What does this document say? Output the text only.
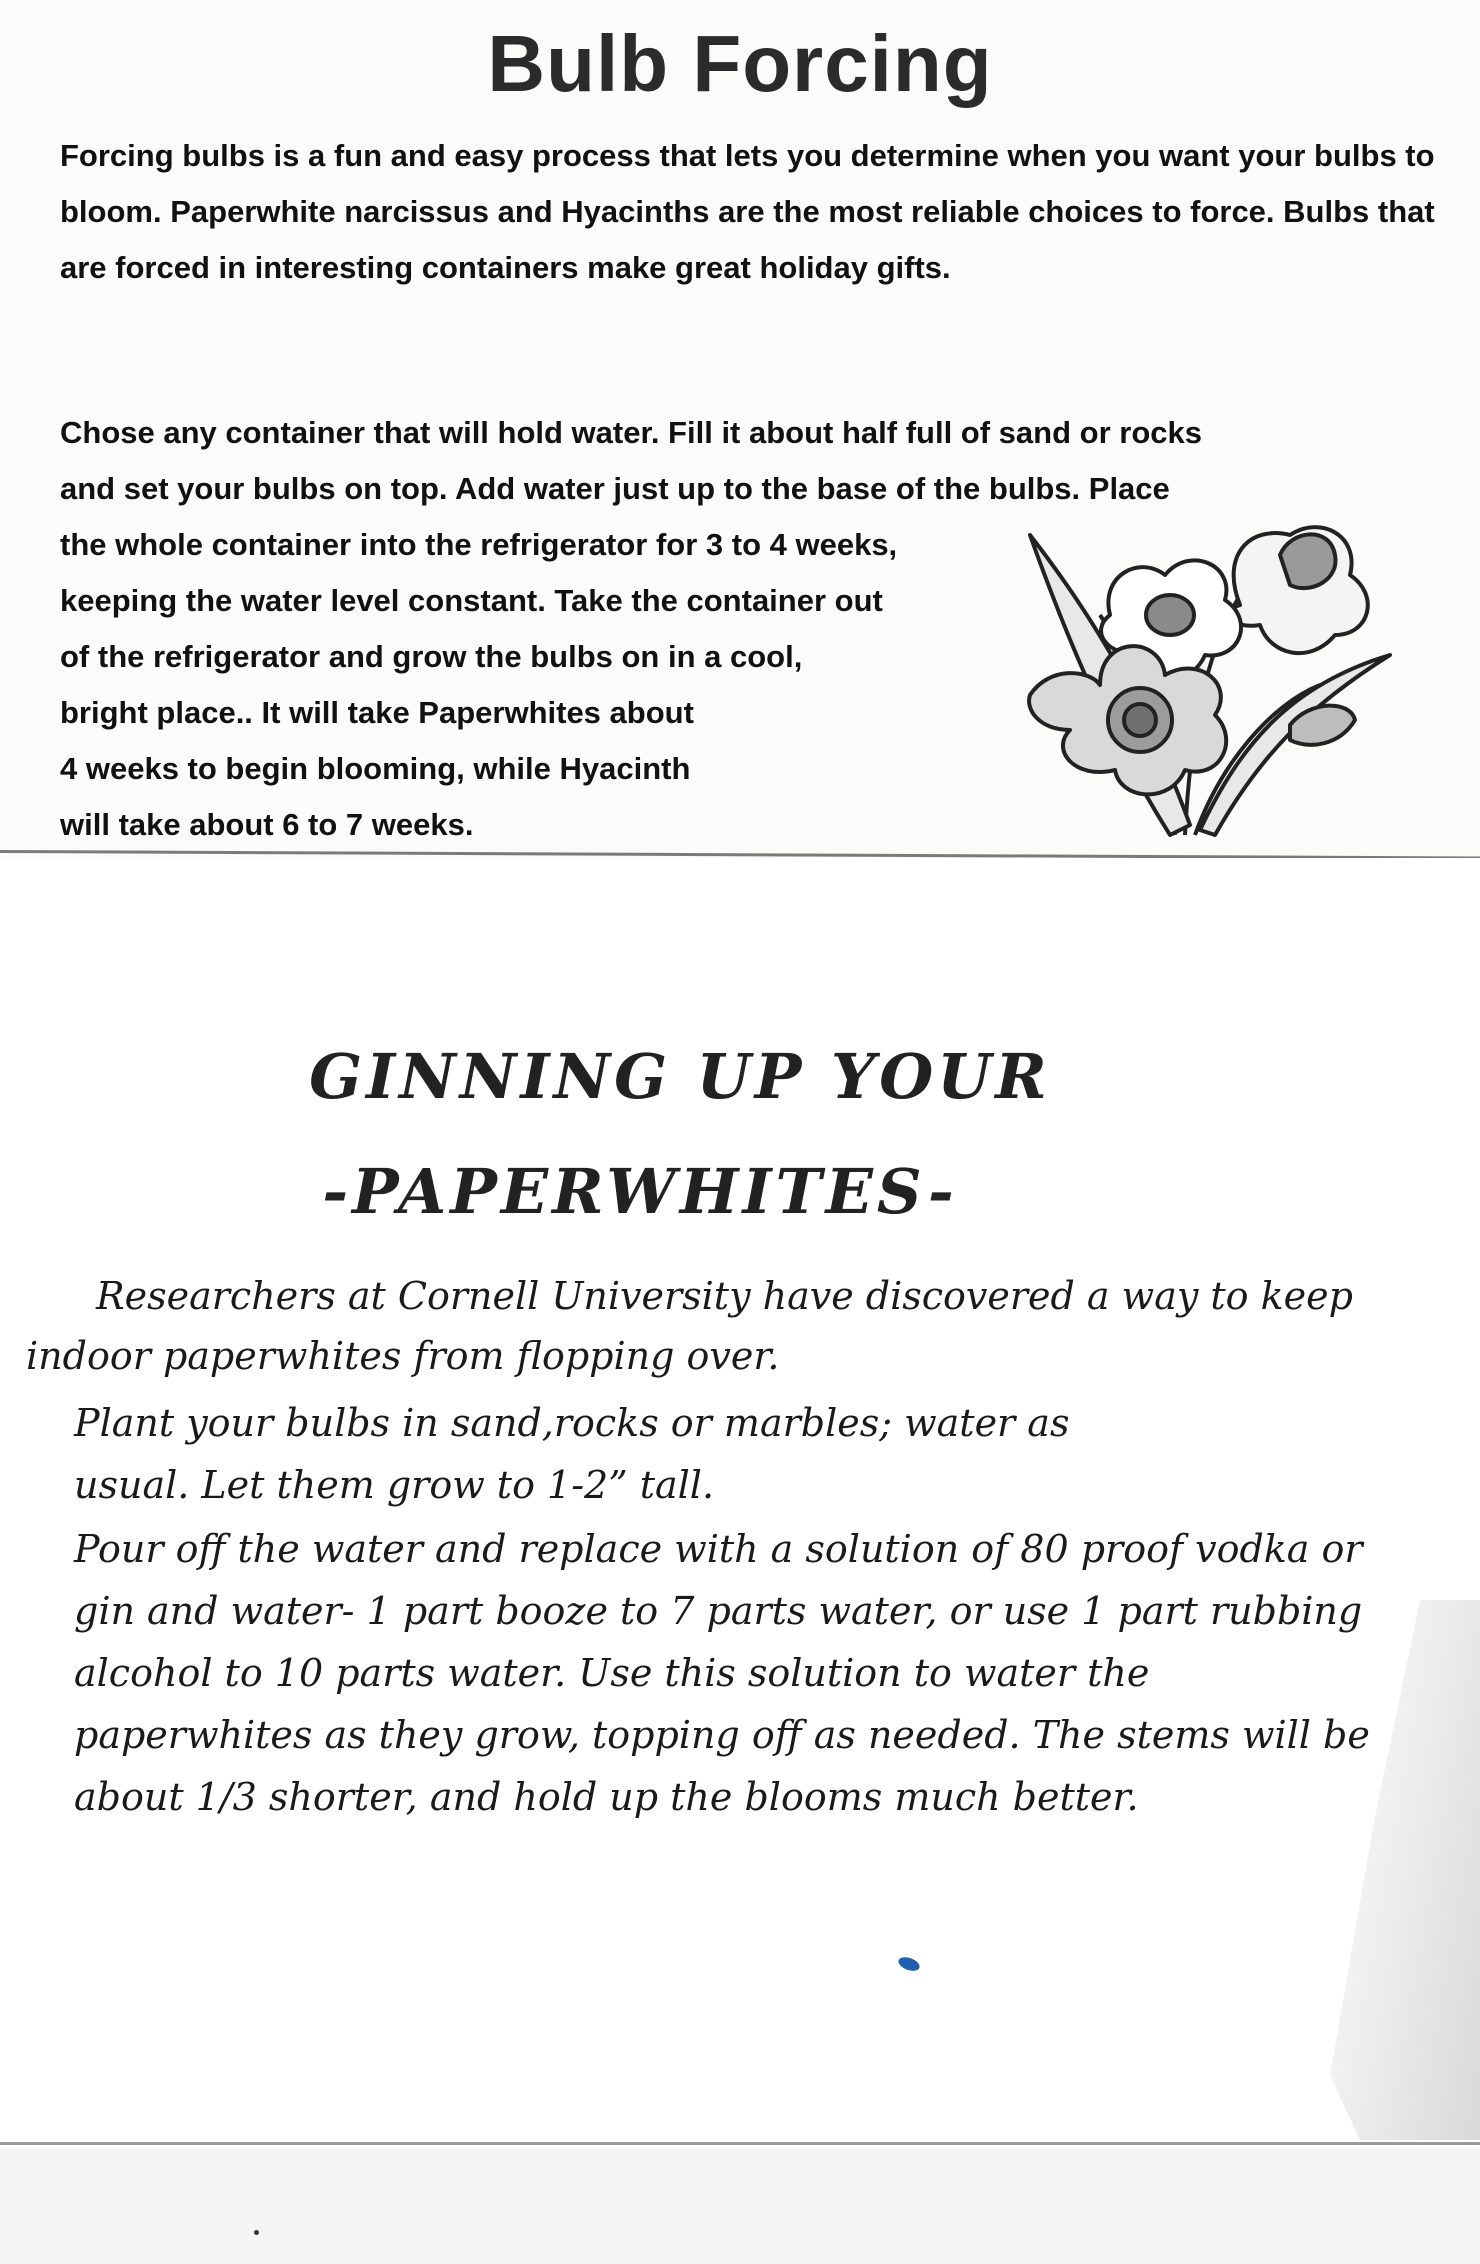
Bulb Forcing

Forcing bulbs is a fun and easy process that lets you determine when you want your bulbs to bloom. Paperwhite narcissus and Hyacinths are the most reliable choices to force. Bulbs that are forced in interesting containers make great holiday gifts.

Chose any container that will hold water. Fill it about half full of sand or rocks
and set your bulbs on top. Add water just up to the base of the bulbs. Place
the whole container into the refrigerator for 3 to 4 weeks,
keeping the water level constant. Take the container out
of the refrigerator and grow the bulbs on in a cool,
bright place.. It will take Paperwhites about
4 weeks to begin blooming, while Hyacinth
will take about 6 to 7 weeks.
GINNING UP YOUR
-PAPERWHITES-

Researchers at Cornell University have discovered a way to keep

indoor paperwhites from flopping over.

Plant your bulbs in sand,rocks or marbles; water as

usual. Let them grow to 1-2” tall.

Pour off the water and replace with a solution of 80 proof vodka or
gin and water- 1 part booze to 7 parts water, or use 1 part rubbing
alcohol to 10 parts water. Use this solution to water the
paperwhites as they grow, topping off as needed. The stems will be
about 1/3 shorter, and hold up the blooms much better.
